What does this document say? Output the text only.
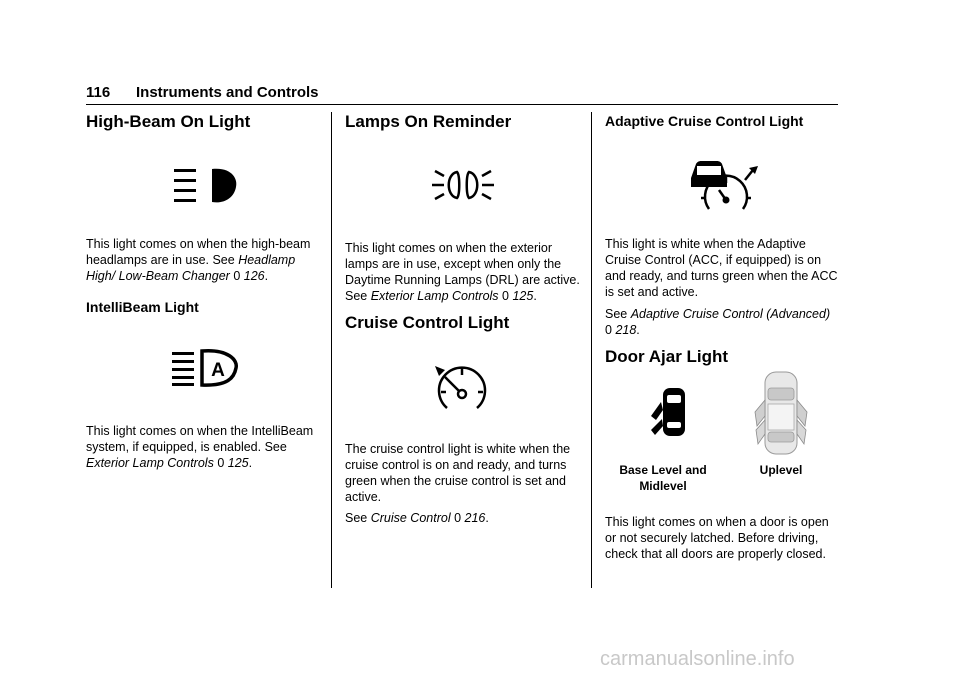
116 Instruments and Controls
High-Beam On Light

This light comes on when the high-beam headlamps are in use. See Headlamp High/ Low-Beam Changer 0 126.

IntelliBeam Light
A

This light comes on when the IntelliBeam system, if equipped, is enabled. See Exterior Lamp Controls 0 125.

Lamps On Reminder

This light comes on when the exterior lamps are in use, except when only the Daytime Running Lamps (DRL) are active. See Exterior Lamp Controls 0 125.

Cruise Control Light

The cruise control light is white when the cruise control is on and ready, and turns green when the cruise control is set and active.

See Cruise Control 0 216.

Adaptive Cruise Control Light

This light is white when the Adaptive Cruise Control (ACC, if equipped) is on and ready, and turns green when the ACC is set and active.

See Adaptive Cruise Control (Advanced)
0 218.

Door Ajar Light
Base Level and Midlevel
Uplevel

This light comes on when a door is open or not securely latched. Before driving, check that all doors are properly closed.

carmanualsonline.info
